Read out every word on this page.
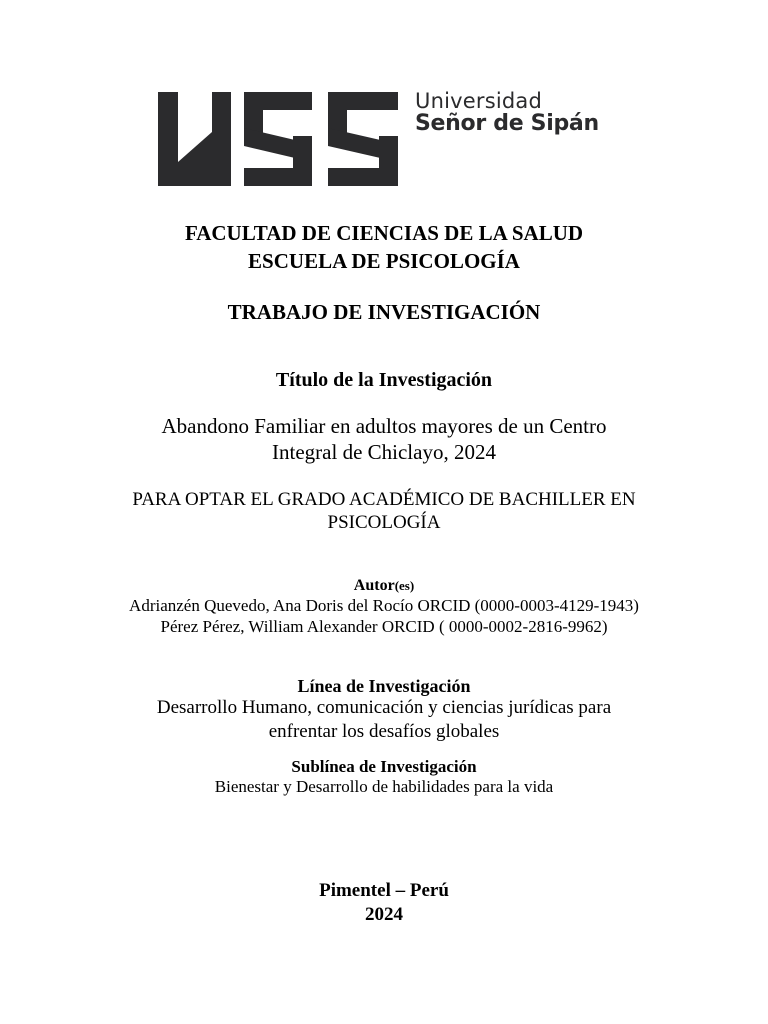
Universidad
Señor de Sipán
FACULTAD DE CIENCIAS DE LA SALUD
ESCUELA DE PSICOLOGÍA
TRABAJO DE INVESTIGACIÓN
Título de la Investigación
Abandono Familiar en adultos mayores de un Centro
Integral de Chiclayo, 2024
PARA OPTAR EL GRADO ACADÉMICO DE BACHILLER EN
PSICOLOGÍA
Autor(es)
Adrianzén Quevedo, Ana Doris del Rocío ORCID (0000-0003-4129-1943)
Pérez Pérez, William Alexander ORCID ( 0000-0002-2816-9962)
Línea de Investigación
Desarrollo Humano, comunicación y ciencias jurídicas para
enfrentar los desafíos globales
Sublínea de Investigación
Bienestar y Desarrollo de habilidades para la vida
Pimentel – Perú
2024
